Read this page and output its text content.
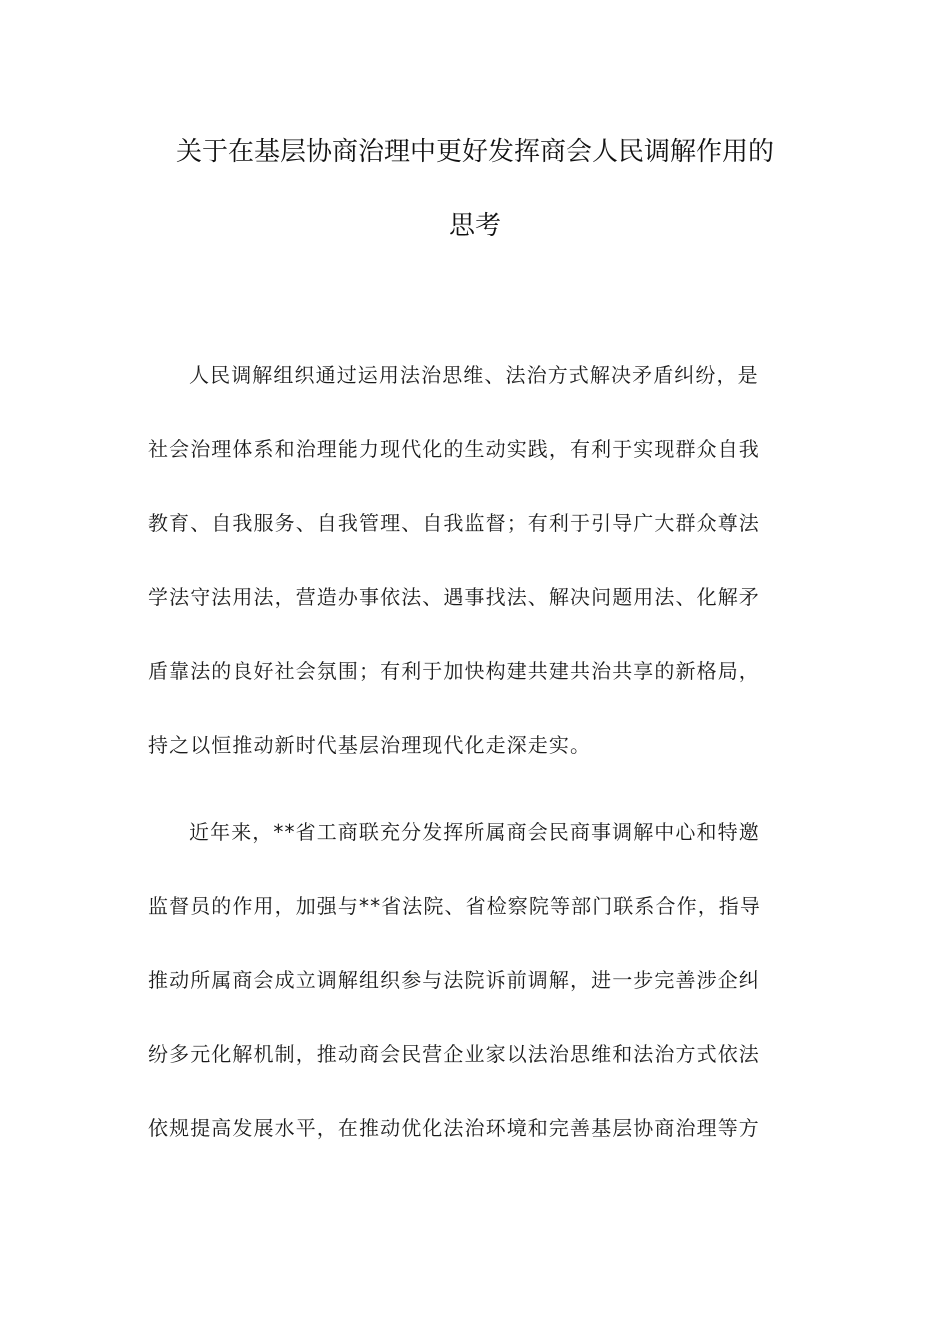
关于在基层协商治理中更好发挥商会人民调解作用的
思考
人民调解组织通过运用法治思维、法治方式解决矛盾纠纷，是
社会治理体系和治理能力现代化的生动实践，有利于实现群众自我
教育、自我服务、自我管理、自我监督；有利于引导广大群众尊法
学法守法用法，营造办事依法、遇事找法、解决问题用法、化解矛
盾靠法的良好社会氛围；有利于加快构建共建共治共享的新格局，
持之以恒推动新时代基层治理现代化走深走实。
近年来，**省工商联充分发挥所属商会民商事调解中心和特邀
监督员的作用，加强与**省法院、省检察院等部门联系合作，指导
推动所属商会成立调解组织参与法院诉前调解，进一步完善涉企纠
纷多元化解机制，推动商会民营企业家以法治思维和法治方式依法
依规提高发展水平，在推动优化法治环境和完善基层协商治理等方
